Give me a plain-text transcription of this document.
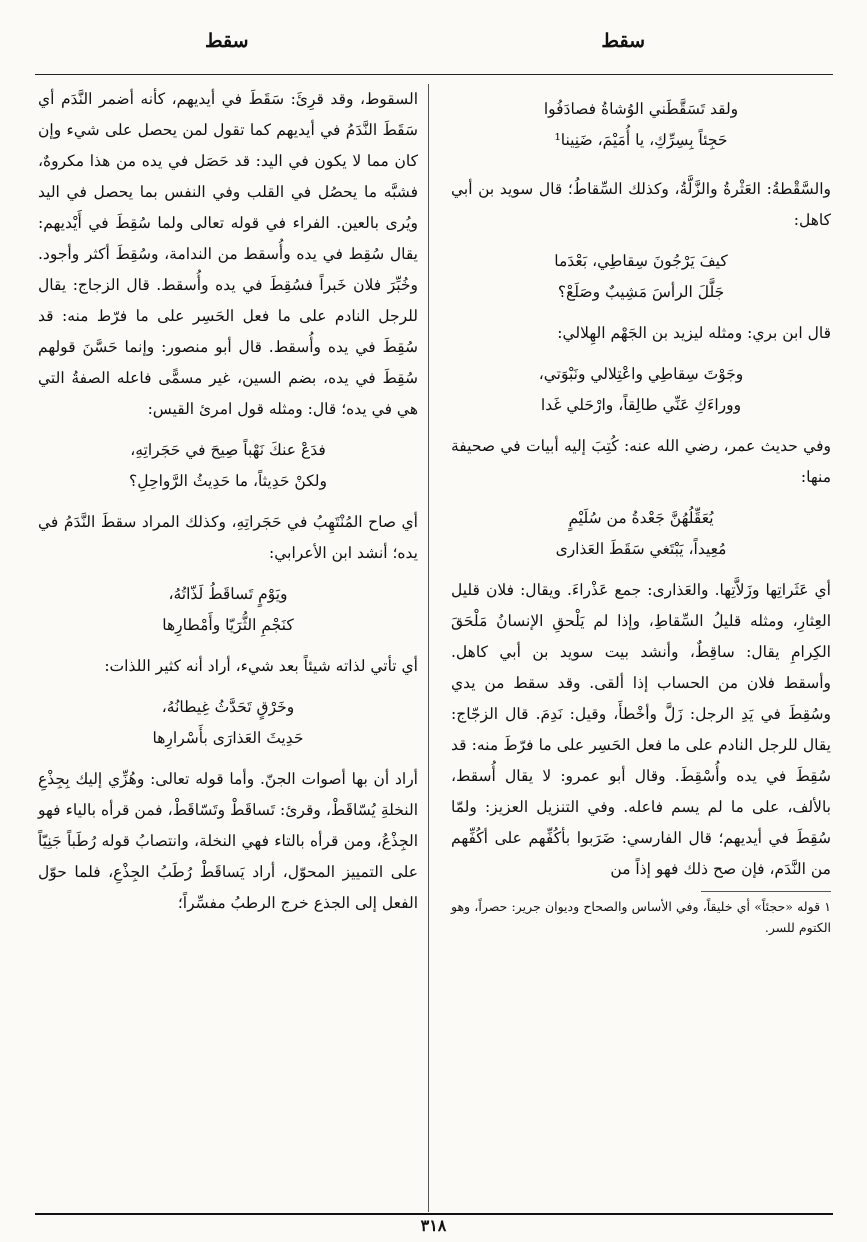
سقط
سقط
ولقد تَسَقَّطَني الوُشاةُ فصادَفُوا
حَجِئاً بِسِرِّكِ، يا أُمَيْمَ، ضَنِينا¹

والسَّقْطةُ: العَثْرةُ والزَّلَّةُ، وكذلك السِّقاطُ؛ قال سويد بن أبي كاهل:

كيفَ يَرْجُونَ سِقاطِي، بَعْدَما
جَلَّلَ الرأسَ مَشِيبٌ وصَلَعْ؟

قال ابن بري: ومثله ليزيد بن الجَهْم الهِلالي:

وجَوْتَ سِقاطِي واعْتِلالي ونَبْوَتي،
ووراءَكِ عَنِّي طالِقاً، وارْحَلي غَدا

وفي حديث عمر، رضي الله عنه: كُتِبَ إليه أبيات في صحيفة منها:

يُعَقِّلُهُنَّ جَعْدةُ من سُلَيْمٍ
مُعِيداً، يَبْتَغي سَقَطَ العَذارى

أي عَثَراتِها وزَلاَّتِها. والعَذارى: جمع عَذْراءَ. ويقال: فلان قليل العِثارِ، ومثله قليلُ السِّقاطِ، وإذا لم يَلْحقِ الإنسانُ مَلْحَقَ الكِرامِ يقال: ساقِطٌ، وأنشد بيت سويد بن أبي كاهل. وأسقط فلان من الحساب إذا ألقى. وقد سقط من يدي وسُقِطَ في يَدِ الرجل: زَلَّ وأخْطأَ، وقيل: نَدِمَ. قال الزجّاج: يقال للرجل النادم على ما فعل الحَسِر على ما فرّطَ منه: قد سُقِطَ في يده وأُسْقِطَ. وقال أبو عمرو: لا يقال أُسقط، بالألف، على ما لم يسم فاعله. وفي التنزيل العزيز: ولمّا سُقِطَ في أيديهم؛ قال الفارسي: ضَرَبوا بأكُفِّهم على أكُفِّهم من النَّدَم، فإن صح ذلك فهو إذاً من

١ قوله «حجئاً» أي خليقاً، وفي الأساس والصحاح وديوان جرير: حصراً، وهو الكتوم للسر.

السقوط، وقد قرِئَ: سَقَطَ في أيديهم، كأنه أضمر النَّدَم أي سَقَطَ النَّدَمُ في أيديهم كما تقول لمن يحصل على شيء وإن كان مما لا يكون في اليد: قد حَصَل في يده من هذا مكروهٌ، فشبَّه ما يحصُل في القلب وفي النفس بما يحصل في اليد ويُرى بالعين. الفراء في قوله تعالى ولما سُقِطَ في أَيْديهم: يقال سُقِط في يده وأُسقط من الندامة، وسُقِطَ أكثر وأجود. وخُبِّرَ فلان خَبراً فسُقِطَ في يده وأُسقط. قال الزجاج: يقال للرجل النادم على ما فعل الحَسِر على ما فرّط منه: قد سُقِطَ في يده وأُسقط. قال أبو منصور: وإنما حَسَّنَ قولهم سُقِطَ في يده، بضم السين، غير مسمًّى فاعله الصفةُ التي هي في يده؛ قال: ومثله قول امرئ القيس:

فدَعْ عنكَ نَهْباً صِيحَ في حَجَراتِهِ،
ولكنْ حَدِيثاً، ما حَدِيثُ الرَّواحِلِ؟

أي صاح المُنْتَهِبُ في حَجَراتِهِ، وكذلك المراد سقطَ النَّدَمُ في يده؛ أنشد ابن الأعرابي:

ويَوْمٍ تَساقَطُ لَذّاتُهُ،
كنَجْمِ الثُّرَيّا وأَمْطارِها

أي تأتي لذاته شيئاً بعد شيء، أراد أنه كثير اللذات:

وخَرْقٍ تَحَدَّثُ غِيطانُهُ،
حَدِيثَ العَذارَى بأَسْرارِها

أراد أن بها أصوات الجنّ. وأما قوله تعالى: وهُزِّي إليك بِجِذْعِ النخلةِ يُسّاقَطْ، وقرئ: تَساقَطْ وتَسّاقَطْ، فمن قرأه بالياء فهو الجِذْعُ، ومن قرأه بالتاء فهي النخلة، وانتصابُ قوله رُطَباً جَنِيّاً على التمييز المحوّل، أراد يَساقَطْ رُطَبُ الجِذْعِ، فلما حوّل الفعل إلى الجذع خرج الرطبُ مفسِّراً؛

٣١٨
